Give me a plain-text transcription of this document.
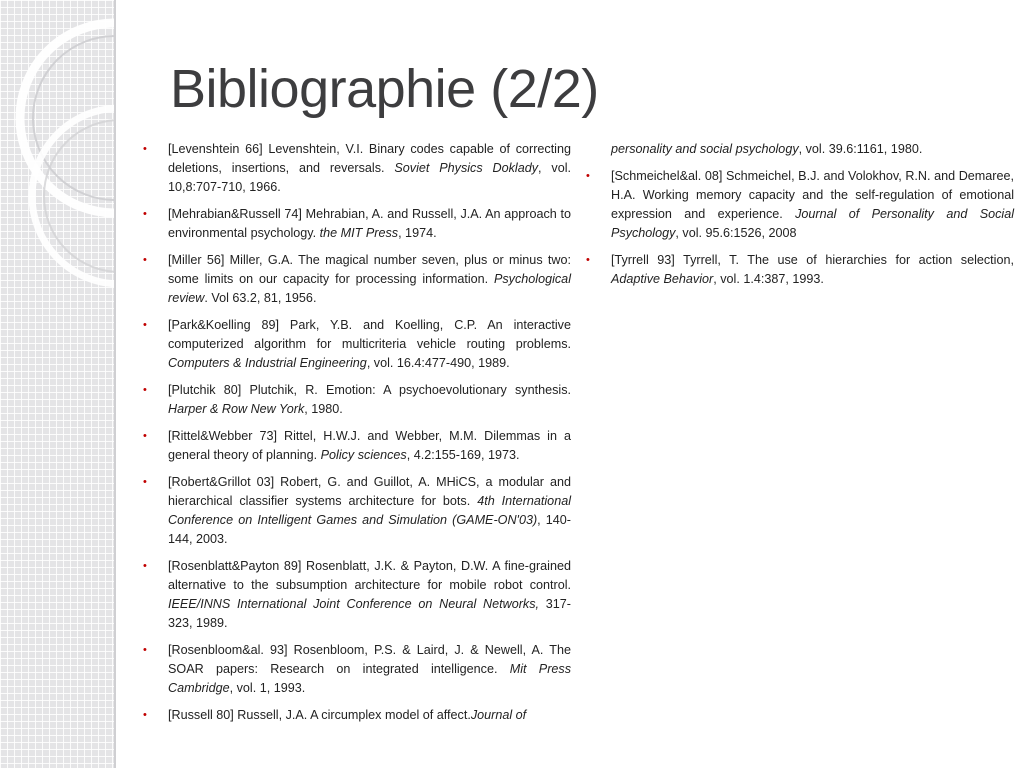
Bibliographie (2/2)
• [Levenshtein 66] Levenshtein, V.I. Binary codes capable of correcting deletions, insertions, and reversals. Soviet Physics Doklady, vol. 10,8:707-710, 1966.
• [Mehrabian&Russell 74] Mehrabian, A. and Russell, J.A. An approach to environmental psychology. the MIT Press, 1974.
• [Miller 56] Miller, G.A. The magical number seven, plus or minus two: some limits on our capacity for processing information. Psychological review. Vol 63.2, 81, 1956.
• [Park&Koelling 89] Park, Y.B. and Koelling, C.P. An interactive computerized algorithm for multicriteria vehicle routing problems. Computers & Industrial Engineering, vol. 16.4:477-490, 1989.
• [Plutchik 80] Plutchik, R. Emotion: A psychoevolutionary synthesis. Harper & Row New York, 1980.
• [Rittel&Webber 73] Rittel, H.W.J. and Webber, M.M. Dilemmas in a general theory of planning. Policy sciences, 4.2:155-169, 1973.
• [Robert&Grillot 03] Robert, G. and Guillot, A. MHiCS, a modular and hierarchical classifier systems architecture for bots. 4th International Conference on Intelligent Games and Simulation (GAME-ON'03), 140-144, 2003.
• [Rosenblatt&Payton 89] Rosenblatt, J.K. & Payton, D.W. A fine-grained alternative to the subsumption architecture for mobile robot control. IEEE/INNS International Joint Conference on Neural Networks, 317-323, 1989.
• [Rosenbloom&al. 93] Rosenbloom, P.S. & Laird, J. & Newell, A. The SOAR papers: Research on integrated intelligence. Mit Press Cambridge, vol. 1, 1993.
• [Russell 80] Russell, J.A. A circumplex model of affect.Journal of
personality and social psychology, vol. 39.6:1161, 1980.
• [Schmeichel&al. 08] Schmeichel, B.J. and Volokhov, R.N. and Demaree, H.A. Working memory capacity and the self-regulation of emotional expression and experience. Journal of Personality and Social Psychology, vol. 95.6:1526, 2008
• [Tyrrell 93] Tyrrell, T. The use of hierarchies for action selection, Adaptive Behavior, vol. 1.4:387, 1993.
